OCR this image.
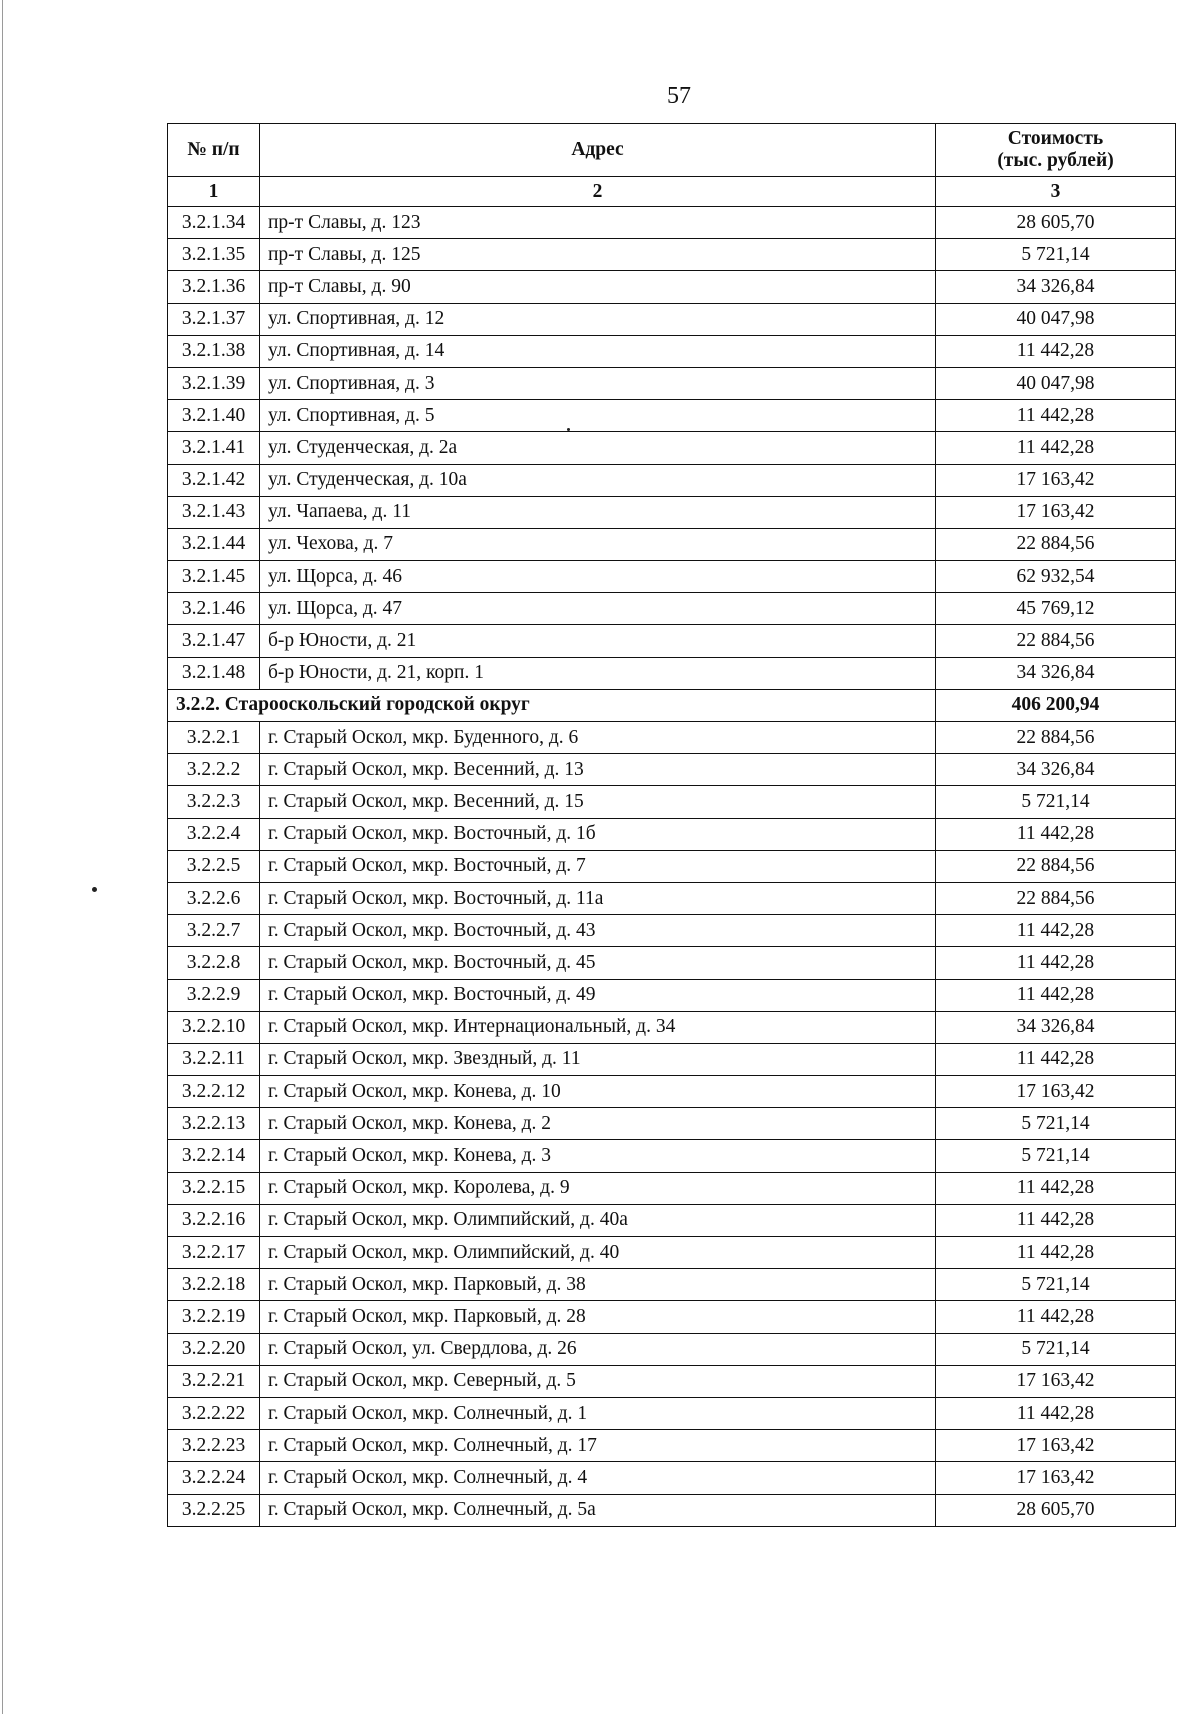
57
№ п/п	Адрес	Стоимость
(тыс. рублей)
1	2	3
3.2.1.34	пр-т Славы, д. 123	28 605,70
3.2.1.35	пр-т Славы, д. 125	5 721,14
3.2.1.36	пр-т Славы, д. 90	34 326,84
3.2.1.37	ул. Спортивная, д. 12	40 047,98
3.2.1.38	ул. Спортивная, д. 14	11 442,28
3.2.1.39	ул. Спортивная, д. 3	40 047,98
3.2.1.40	ул. Спортивная, д. 5	11 442,28
3.2.1.41	ул. Студенческая, д. 2а	11 442,28
3.2.1.42	ул. Студенческая, д. 10а	17 163,42
3.2.1.43	ул. Чапаева, д. 11	17 163,42
3.2.1.44	ул. Чехова, д. 7	22 884,56
3.2.1.45	ул. Щорса, д. 46	62 932,54
3.2.1.46	ул. Щорса, д. 47	45 769,12
3.2.1.47	б-р Юности, д. 21	22 884,56
3.2.1.48	б-р Юности, д. 21, корп. 1	34 326,84
3.2.2. Старооскольский городской округ		406 200,94
3.2.2.1	г. Старый Оскол, мкр. Буденного, д. 6	22 884,56
3.2.2.2	г. Старый Оскол, мкр. Весенний, д. 13	34 326,84
3.2.2.3	г. Старый Оскол, мкр. Весенний, д. 15	5 721,14
3.2.2.4	г. Старый Оскол, мкр. Восточный, д. 1б	11 442,28
3.2.2.5	г. Старый Оскол, мкр. Восточный, д. 7	22 884,56
3.2.2.6	г. Старый Оскол, мкр. Восточный, д. 11а	22 884,56
3.2.2.7	г. Старый Оскол, мкр. Восточный, д. 43	11 442,28
3.2.2.8	г. Старый Оскол, мкр. Восточный, д. 45	11 442,28
3.2.2.9	г. Старый Оскол, мкр. Восточный, д. 49	11 442,28
3.2.2.10	г. Старый Оскол, мкр. Интернациональный, д. 34	34 326,84
3.2.2.11	г. Старый Оскол, мкр. Звездный, д. 11	11 442,28
3.2.2.12	г. Старый Оскол, мкр. Конева, д. 10	17 163,42
3.2.2.13	г. Старый Оскол, мкр. Конева, д. 2	5 721,14
3.2.2.14	г. Старый Оскол, мкр. Конева, д. 3	5 721,14
3.2.2.15	г. Старый Оскол, мкр. Королева, д. 9	11 442,28
3.2.2.16	г. Старый Оскол, мкр. Олимпийский, д. 40а	11 442,28
3.2.2.17	г. Старый Оскол, мкр. Олимпийский, д. 40	11 442,28
3.2.2.18	г. Старый Оскол, мкр. Парковый, д. 38	5 721,14
3.2.2.19	г. Старый Оскол, мкр. Парковый, д. 28	11 442,28
3.2.2.20	г. Старый Оскол, ул. Свердлова, д. 26	5 721,14
3.2.2.21	г. Старый Оскол, мкр. Северный, д. 5	17 163,42
3.2.2.22	г. Старый Оскол, мкр. Солнечный, д. 1	11 442,28
3.2.2.23	г. Старый Оскол, мкр. Солнечный, д. 17	17 163,42
3.2.2.24	г. Старый Оскол, мкр. Солнечный, д. 4	17 163,42
3.2.2.25	г. Старый Оскол, мкр. Солнечный, д. 5а	28 605,70
